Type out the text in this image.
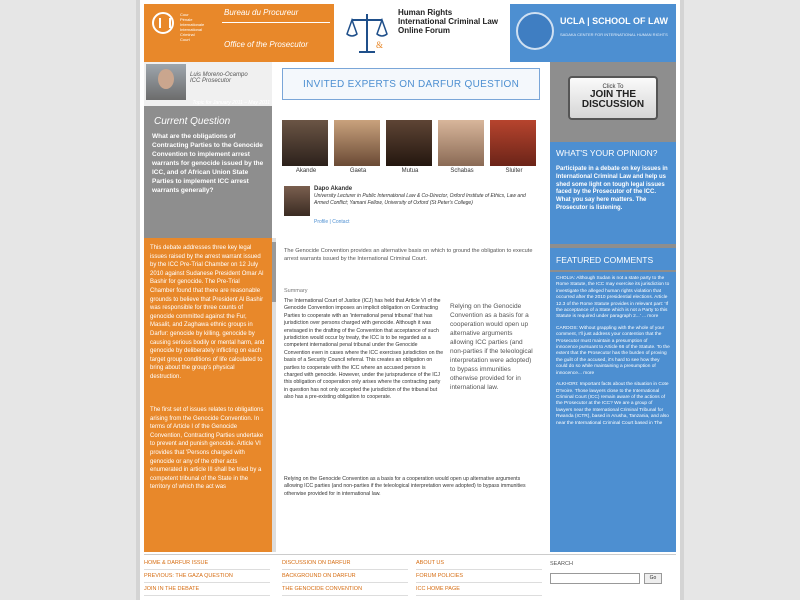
Cour
Pénale
Internationale
International
Criminal
Court
Bureau du Procureur
Office of the Prosecutor	&
Human Rights International Criminal Law Online Forum
UCLA | SCHOOL OF LAW
SADAKA CENTER FOR INTERNATIONAL HUMAN RIGHTS
Luis Moreno-Ocampo
ICC Prosecutor
Topic for January 2011 – May 2011
Current Question
What are the obligations of Contracting Parties to the Genocide Convention to implement arrest warrants for genocide issued by the ICC, and of African Union State Parties to implement ICC arrest warrants generally?
This debate addresses three key legal issues raised by the arrest warrant issued by the ICC Pre-Trial Chamber on 12 July 2010 against Sudanese President Omar Al Bashir for genocide. The Pre-Trial Chamber found that there are reasonable grounds to believe that President Al Bashir was responsible for three counts of genocide committed against the Fur, Masalit, and Zaghawa ethnic groups in Darfur: genocide by killing, genocide by causing serious bodily or mental harm, and genocide by deliberately inflicting on each target group conditions of life calculated to bring about the group's physical destruction.
The first set of issues relates to obligations arising from the Genocide Convention. In terms of Article I of the Genocide Convention, Contracting Parties undertake to prevent and punish genocide. Article VI provides that 'Persons charged with genocide or any of the other acts enumerated in article III shall be tried by a competent tribunal of the State in the territory of which the act was
INVITED EXPERTS ON DARFUR QUESTION
Akande	Gaeta	Mutua	Schabas	Sluiter
Dapo Akande
University Lecturer in Public International Law & Co-Director, Oxford Institute of Ethics, Law and Armed Conflict; Yamani Fellow, University of Oxford (St Peter's College)
Profile | Contact
The Genocide Convention provides an alternative basis on which to ground the obligation to execute arrest warrants issued by the International Criminal Court.
Summary
The International Court of Justice (ICJ) has held that Article VI of the Genocide Convention imposes an implicit obligation on Contracting Parties to cooperate with an 'international penal tribunal' that has jurisdiction over persons charged with genocide. Although it was envisaged in the drafting of the Convention that acceptance of such jurisdiction would occur by treaty, the ICC is to be regarded as a competent international penal tribunal under the Genocide Convention even in cases where the ICC exercises jurisdiction on the basis of a Security Council referral. This creates an obligation on parties to cooperate with the ICC where an accused person is charged with genocide. However, under the jurisprudence of the ICJ this obligation of cooperation only arises where the contracting party in question has not only accepted the jurisdiction of the tribunal but also has a pre-existing obligation to cooperate.
Relying on the Genocide Convention as a basis for a cooperation would open up alternative arguments allowing ICC parties (and non-parties if the teleological interpretation were adopted) to bypass immunities otherwise provided for in international law.
Relying on the Genocide Convention as a basis for a cooperation would open up alternative arguments allowing ICC parties (and non-parties if the teleological interpretation were adopted) to bypass immunities otherwise provided for in international law.
Click To
JOIN THE DISCUSSION
WHAT'S YOUR OPINION?
Participate in a debate on key issues in International Criminal Law and help us shed some light on tough legal issues faced by the Prosecutor of the ICC. What you say here matters. The Prosecutor is listening.
FEATURED COMMENTS

CHOLIA: Although Sudan is not a state party to the Rome Statute, the ICC may exercise its jurisdiction to investigate the alleged human rights violation that occurred after the 2010 presidential elections. Article 12.3 of the Rome Statute provides in relevant part: 'If the acceptance of a State which is not a Party to this Statute is required under paragraph 2...' ... more

CARDOS: Without grappling with the whole of your comment, I'll just address your contention that the Prosecutor must maintain a presumption of innocence pursuant to Article 66 of the Statute. To the extent that the Prosecutor has the burden of proving the guilt of the accused, it's hard to see how they could do so while maintaining a presumption of innocence... more

ALKHORI: Important facts about the situation in Cote D'Ivoire. Those lawyers close to the International Criminal Court (ICC) remain aware of the actions of the Prosecutor at the ICC? We are a group of lawyers near the International Criminal Tribunal for Rwanda (ICTR), based in Arusha, Tanzania, and also near the International Criminal Court based in The

HOME & DARFUR ISSUE
PREVIOUS: THE GAZA QUESTION
JOIN IN THE DEBATE
DISCUSSION ON DARFUR
BACKGROUND ON DARFUR
THE GENOCIDE CONVENTION
ABOUT US
FORUM POLICIES
ICC HOME PAGE
SEARCH
Go
